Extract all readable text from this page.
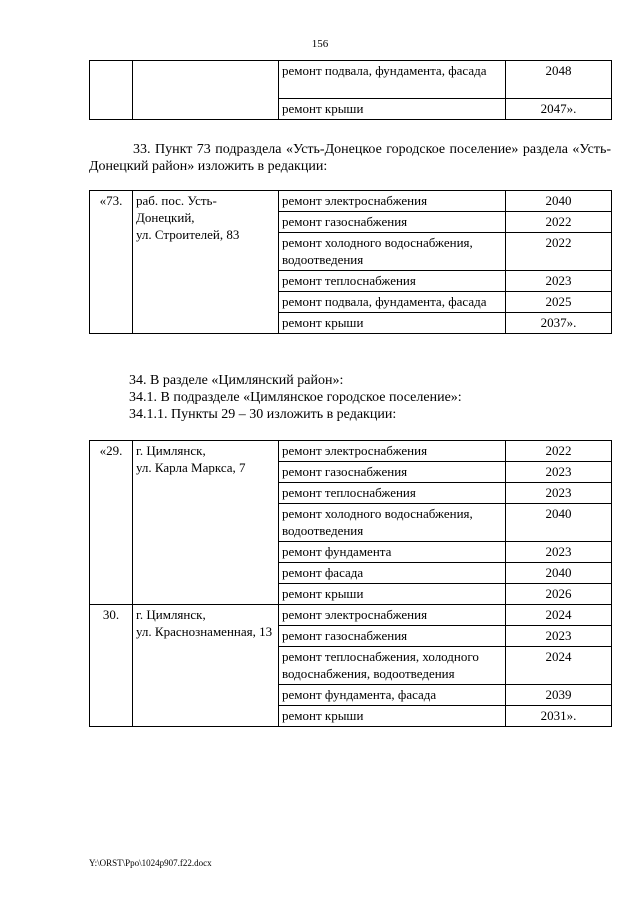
156
		ремонт подвала, фундамента, фасада	2048
		ремонт крыши	2047».

33. Пункт 73 подраздела «Усть-Донецкое городское поселение» раздела «Усть-Донецкий район» изложить в редакции:

«73.	раб. пос. Усть-Донецкий,
ул. Строителей, 83	ремонт электроснабжения	2040
		ремонт газоснабжения	2022
		ремонт холодного водоснабжения, водоотведения	2022
		ремонт теплоснабжения	2023
		ремонт подвала, фундамента, фасада	2025
		ремонт крыши	2037».

34. В разделе «Цимлянский район»:

34.1. В подразделе «Цимлянское городское поселение»:

34.1.1. Пункты 29 – 30 изложить в редакции:

«29.	г. Цимлянск,
ул. Карла Маркса, 7	ремонт электроснабжения	2022
		ремонт газоснабжения	2023
		ремонт теплоснабжения	2023
		ремонт холодного водоснабжения, водоотведения	2040
		ремонт фундамента	2023
		ремонт фасада	2040
		ремонт крыши	2026
30.	г. Цимлянск,
ул. Краснознаменная, 13	ремонт электроснабжения	2024
		ремонт газоснабжения	2023
		ремонт теплоснабжения, холодного водоснабжения, водоотведения	2024
		ремонт фундамента, фасада	2039
		ремонт крыши	2031».
Y:\ORST\Ppo\1024p907.f22.docx
